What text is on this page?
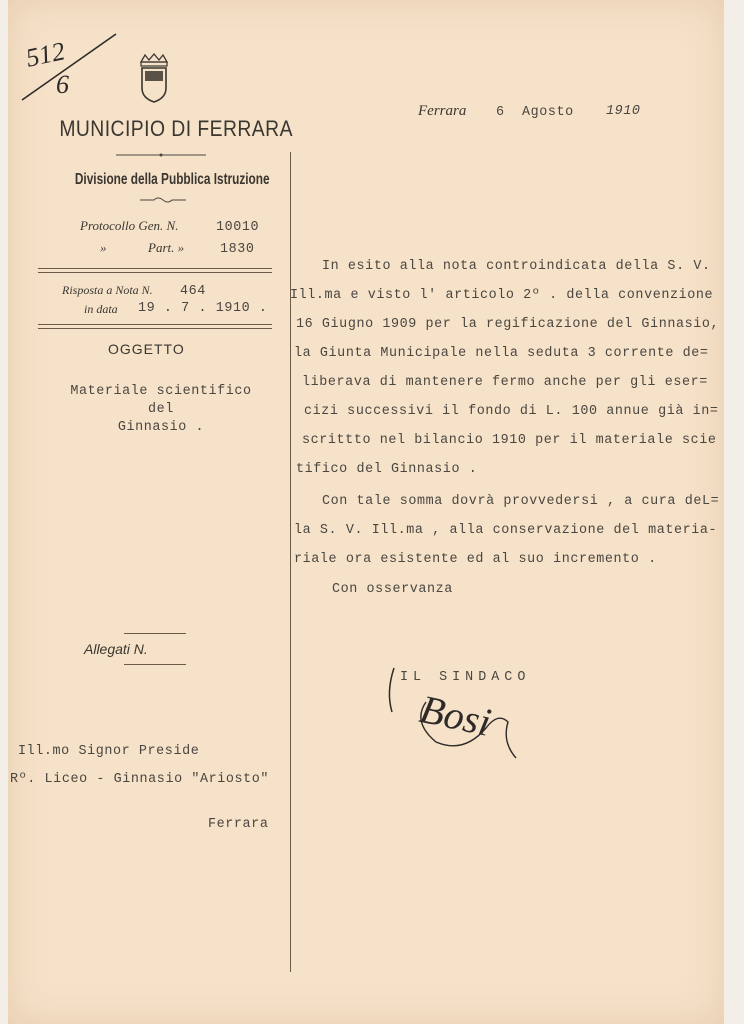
512
6
MUNICIPIO DI FERRARA
Divisione della Pubblica Istruzione
Protocollo Gen. N.	10010
»	Part. »	1830
Risposta a Nota N. 464
in data 19 . 7 . 1910 .
OGGETTO
Materiale scientifico
del
Ginnasio .
Allegati N.
Ill.mo Signor Preside
Rº. Liceo - Ginnasio "Ariosto"
Ferrara
Ferrara 6 Agosto 1910
In esito alla nota controindicata della S. V.
Ill.ma e visto l' articolo 2º . della convenzione
16 Giugno 1909 per la regificazione del Ginnasio,
la Giunta Municipale nella seduta 3 corrente de=
liberava di mantenere fermo anche per gli eser=
cizi successivi il fondo di L. 100 annue già in=
scrittto nel bilancio 1910 per il materiale scie
tifico del Ginnasio .
Con tale somma dovrà provvedersi , a cura deL=
la S. V. Ill.ma , alla conservazione del materia-
riale ora esistente ed al suo incremento .
Con osservanza
IL SINDACO
Bosi
